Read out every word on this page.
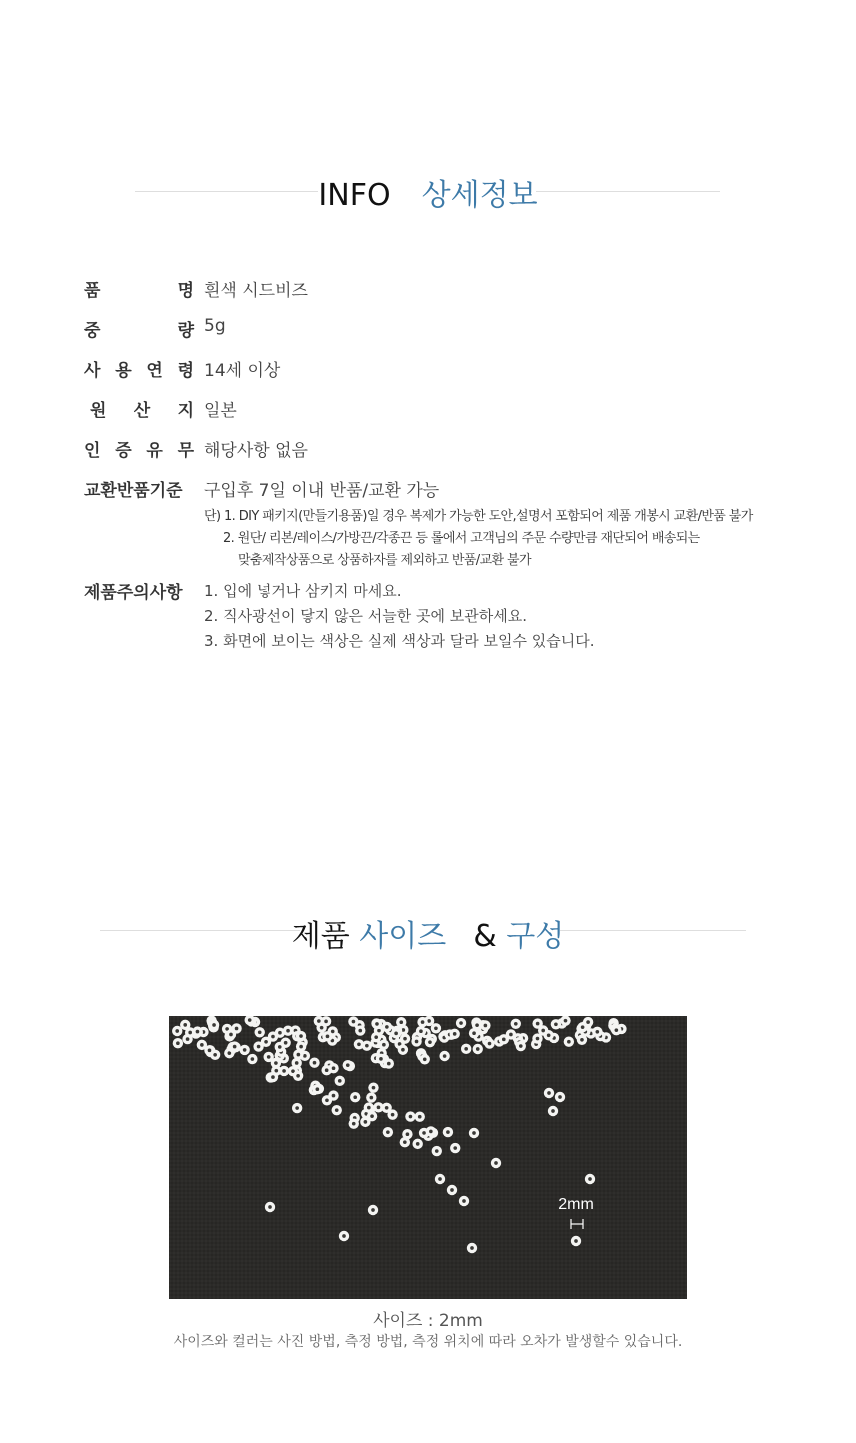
INFO 상세정보
품	명 흰색 시드비즈
중	량 5g
사 용 연 령 14세 이상
원 산 지 일본
인 증 유 무 해당사항 없음
교환반품기준	구입후 7일 이내 반품/교환 가능
단) 1. DIY 패키지(만들기용품)일 경우 복제가 가능한 도안,설명서 포함되어 제품 개봉시 교환/반품 불가
2. 원단/ 리본/레이스/가방끈/각종끈 등 롤에서 고객님의 주문 수량만큼 재단되어 배송되는
맞춤제작상품으로 상품하자를 제외하고 반품/교환 불가
제품주의사항	1. 입에 넣거나 삼키지 마세요.
2. 직사광선이 닿지 않은 서늘한 곳에 보관하세요.
3. 화면에 보이는 색상은 실제 색상과 달라 보일수 있습니다.
제품 사이즈 & 구성
2mm
사이즈 : 2mm
사이즈와 컬러는 사진 방법, 측정 방법, 측정 위치에 따라 오차가 발생할수 있습니다.
